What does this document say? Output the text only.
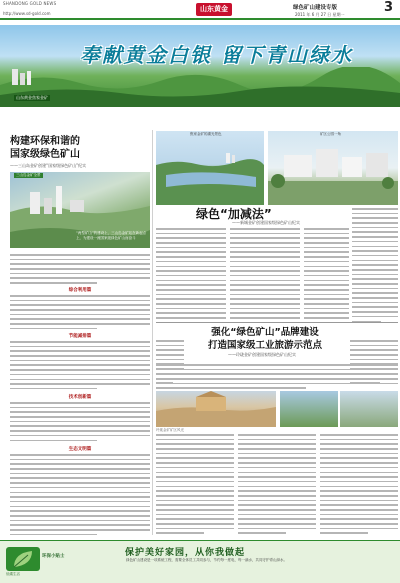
SHANDONG GOLD NEWS
http://www.sd-gold.com
山东黄金	绿色矿山建设专版	3
2011 年 6 月 27 日 星期一
奉献黄金白银 留下青山绿水
山东黄金焦家金矿
构建环保和谐的
国家级绿色矿山
——三山岛金矿创建“国家级绿色矿山”纪实
三山岛金矿全景
“两型矿山”的建设上，三山岛金矿站在新起点上，为建设一流国家级绿色矿山而奋斗
综合利用篇
节能减排篇
技术创新篇
生态文明篇
焦家金矿的湖光景色	矿区公园一角
绿色“加减法”
——新城金矿创建国家级绿色矿山纪实
强化“绿色矿山”品牌建设
打造国家级工业旅游示范点
——玲珑金矿创建国家级绿色矿山纪实
玲珑金矿矿区风光
环保小贴士	保护美好家园，从你我做起
绿色矿山建设是一项系统工程，需要全体员工共同参与，节约每一度电、每一滴水，共同守护青山绿水。
低碳生活
